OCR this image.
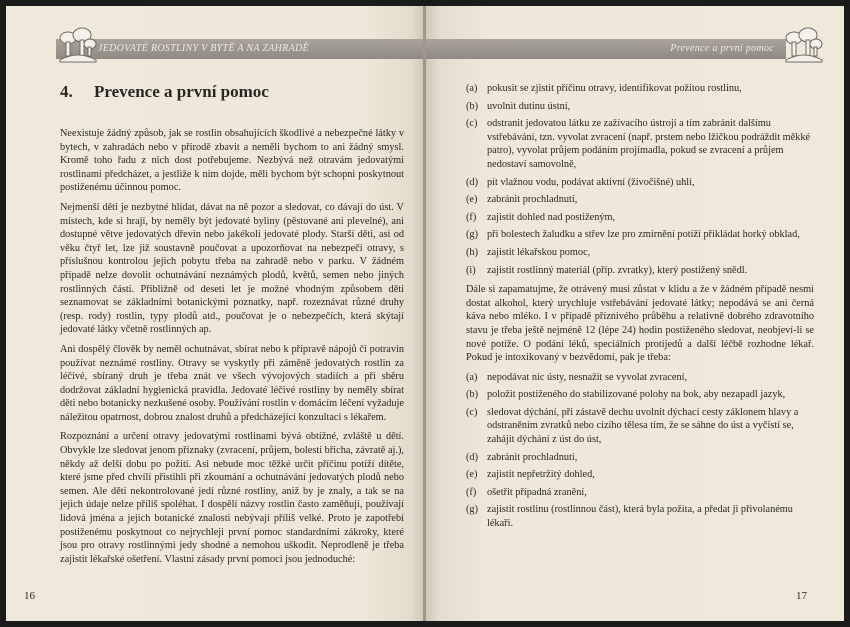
JEDOVATÉ ROSTLINY V BYTĚ A NA ZAHRADĚ
4. Prevence a první pomoc

Neexistuje žádný způsob, jak se rostlin obsahujících škodlivé a nebezpečné látky v bytech, v zahradách nebo v přírodě zbavit a neměli bychom to ani žádný smysl. Kromě toho řadu z nich dost potřebujeme. Nezbývá než otravám jedovatými rostlinami předcházet, a jestliže k nim dojde, měli bychom být schopni poskytnout postiženému účinnou pomoc.

Nejmenší děti je nezbytné hlídat, dávat na ně pozor a sledovat, co dávají do úst. V místech, kde si hrají, by neměly být jedovaté byliny (pěstované ani plevelné), ani dostupné větve jedovatých dřevin nebo jakékoli jedovaté plody. Starší děti, asi od věku čtyř let, lze již soustavně poučovat a upozorňovat na nebezpečí otravy, s příslušnou kontrolou jejich pobytu třeba na zahradě nebo v parku. V žádném případě nelze dovolit ochutnávání neznámých plodů, květů, semen nebo jiných rostlinných částí. Přibližně od deseti let je možné vhodným způsobem děti seznamovat se základními botanickými poznatky, např. rozeznávat různé druhy (resp. rody) rostlin, typy plodů atd., poučovat je o nebezpečích, která skýtají jedovaté látky včetně rostlinných ap.

Ani dospělý člověk by neměl ochutnávat, sbírat nebo k přípravě nápojů či potravin používat neznámé rostliny. Otravy se vyskytly při záměně jedovatých rostlin za léčivé, sbíraný druh je třeba znát ve všech vývojových stadiích a při sběru dodržovat základní hygienická pravidla. Jedovaté léčivé rostliny by neměly sbírat děti nebo botanicky nezkušené osoby. Používání rostlin v domácím léčení vyžaduje náležitou opatrnost, dobrou znalost druhů a předcházející konzultaci s lékařem.

Rozpoznání a určení otravy jedovatými rostlinami bývá obtížné, zvláště u dětí. Obvykle lze sledovat jenom příznaky (zvracení, průjem, bolesti břicha, závratě aj.), někdy až delší dobu po požití. Asi nebude moc těžké určit příčinu potíží dítěte, které jsme před chvílí přistihli při zkoumání a ochutnávání jedovatých plodů nebo semen. Ale děti nekontrolované jedí různé rostliny, aniž by je znaly, a tak se na jejich údaje nelze příliš spoléhat. I dospělí názvy rostlin často zaměňují, používají lidová jména a jejich botanické znalosti nebývají příliš velké. Proto je zapotřebí postiženému poskytnout co nejrychleji první pomoc standardními zákroky, které jsou pro otravy rostlinnými jedy shodné a nemohou uškodit. Neprodleně je třeba zajistit lékařské ošetření. Vlastní zásady první pomoci jsou jednoduché:

16
Prevence a první pomoc
(a) pokusit se zjistit příčinu otravy, identifikovat požitou rostlinu,
(b) uvolnit dutinu ústní,
(c) odstranit jedovatou látku ze zažívacího ústrojí a tím zabránit dalšímu vstřebávání, tzn. vyvolat zvracení (např. prstem nebo lžičkou podráždit měkké patro), vyvolat průjem podáním projímadla, pokud se zvracení a průjem nedostaví samovolně,
(d) pít vlažnou vodu, podávat aktivní (živočišné) uhlí,
(e) zabránit prochladnutí,
(f) zajistit dohled nad postiženým,
(g) při bolestech žaludku a střev lze pro zmírnění potíží přikládat horký obklad,
(h) zajistit lékařskou pomoc,
(i) zajistit rostlinný materiál (příp. zvratky), který postižený snědl.

Dále si zapamatujme, že otrávený musí zůstat v klidu a že v žádném případě nesmí dostat alkohol, který urychluje vstřebávání jedovaté látky; nepodává se ani černá káva nebo mléko. I v případě příznivého průběhu a relativně dobrého zdravotního stavu je třeba ještě nejméně 12 (lépe 24) hodin postiženého sledovat, neobjeví-li se nové potíže. O podání léků, speciálních protijedů a další léčbě rozhodne lékař. Pokud je intoxikovaný v bezvědomí, pak je třeba:

(a) nepodávat nic ústy, nesnažit se vyvolat zvracení,
(b) položit postiženého do stabilizované polohy na bok, aby nezapadl jazyk,
(c) sledovat dýchání, při zástavě dechu uvolnit dýchací cesty záklonem hlavy a odstraněním zvratků nebo cizího tělesa tím, že se sáhne do úst a vyčistí se, zahájit dýchání z úst do úst,
(d) zabránit prochladnutí,
(e) zajistit nepřetržitý dohled,
(f) ošetřit případná zranění,
(g) zajistit rostlinu (rostlinnou část), která byla požita, a předat ji přivolanému lékaři.
17
